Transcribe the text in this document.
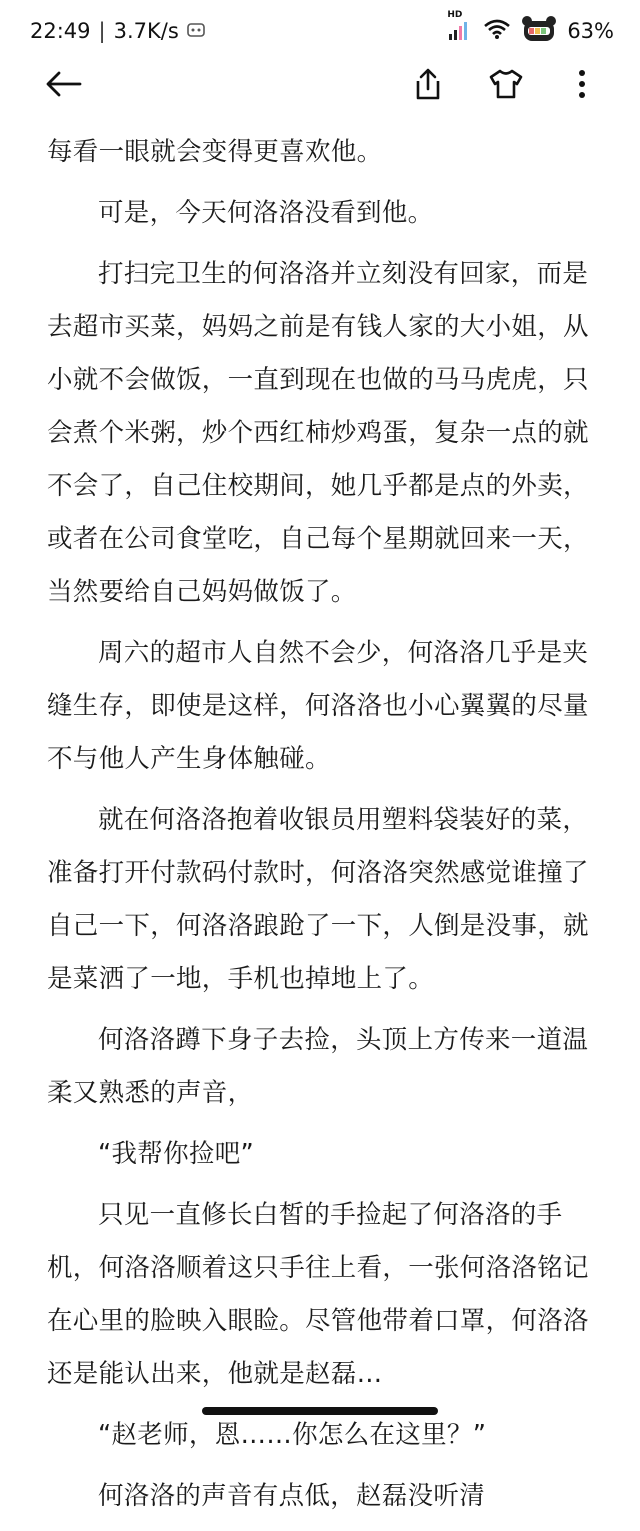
22:49 | 3.7K/s
HD
63%

每看一眼就会变得更喜欢他。

可是，今天何洛洛没看到他。

打扫完卫生的何洛洛并立刻没有回家，而是去超市买菜，妈妈之前是有钱人家的大小姐，从小就不会做饭，一直到现在也做的马马虎虎，只会煮个米粥，炒个西红柿炒鸡蛋，复杂一点的就不会了，自己住校期间，她几乎都是点的外卖，或者在公司食堂吃，自己每个星期就回来一天，当然要给自己妈妈做饭了。

周六的超市人自然不会少，何洛洛几乎是夹缝生存，即使是这样，何洛洛也小心翼翼的尽量不与他人产生身体触碰。

就在何洛洛抱着收银员用塑料袋装好的菜，准备打开付款码付款时，何洛洛突然感觉谁撞了自己一下，何洛洛踉跄了一下，人倒是没事，就是菜洒了一地，手机也掉地上了。

何洛洛蹲下身子去捡，头顶上方传来一道温柔又熟悉的声音，

“我帮你捡吧”

只见一直修长白皙的手捡起了何洛洛的手机，何洛洛顺着这只手往上看，一张何洛洛铭记在心里的脸映入眼睑。尽管他带着口罩，何洛洛还是能认出来，他就是赵磊…

“赵老师，恩……你怎么在这里？”

何洛洛的声音有点低，赵磊没听清
